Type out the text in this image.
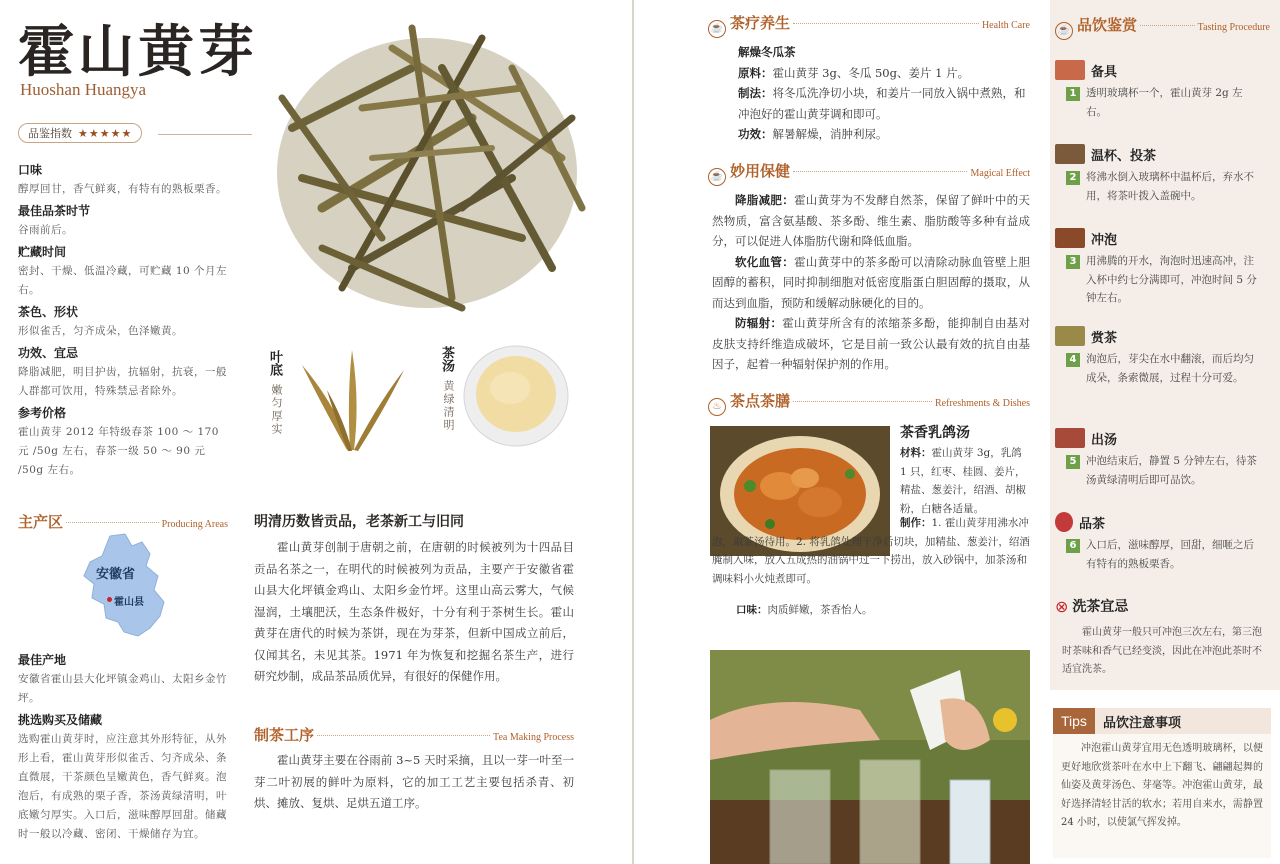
霍山黄芽
Huoshan Huangya
品鉴指数 ★★★★★
口味
醇厚回甘，香气鲜爽，有特有的熟板栗香。
最佳品茶时节
谷雨前后。
贮藏时间
密封、干燥、低温冷藏，可贮藏 10 个月左右。
茶色、形状
形似雀舌，匀齐成朵，色泽嫩黄。
功效、宜忌
降脂减肥，明目护齿，抗辐射，抗衰，一般人群都可饮用，特殊禁忌者除外。
参考价格
霍山黄芽 2012 年特级春茶 100 ～ 170 元 /50g 左右，春茶一级 50 ～ 90 元 /50g 左右。
叶底
嫩匀厚实
茶汤
黄绿清明
主产区	Producing Areas
安徽省
霍山县
最佳产地
安徽省霍山县大化坪镇金鸡山、太阳乡金竹坪。
挑选购买及储藏
选购霍山黄芽时，应注意其外形特征，从外形上看，霍山黄芽形似雀舌、匀齐成朵、条直微展，干茶颜色呈嫩黄色，香气鲜爽。泡泡后，有成熟的栗子香，茶汤黄绿清明，叶底嫩匀厚实。入口后，滋味醇厚回甜。储藏时一般以冷藏、密闭、干燥储存为宜。
明清历数皆贡品，老茶新工与旧同
霍山黄芽创制于唐朝之前，在唐朝的时候被列为十四品目贡品名茶之一，在明代的时候被列为贡品，主要产于安徽省霍山县大化坪镇金鸡山、太阳乡金竹坪。这里山高云雾大，气候湿润，土壤肥沃，生态条件极好，十分有利于茶树生长。霍山黄芽在唐代的时候为茶饼，现在为芽茶，但新中国成立前后，仅闻其名，未见其茶。1971 年为恢复和挖掘名茶生产，进行研究炒制，成品茶品质优异，有很好的保健作用。
制茶工序	Tea Making Process
霍山黄芽主要在谷雨前 3~5 天时采摘，且以一芽一叶至一芽二叶初展的鲜叶为原料，它的加工工艺主要包括杀青、初烘、摊放、复烘、足烘五道工序。
☕ 茶疗养生	Health Care
解燥冬瓜茶
原料：霍山黄芽 3g、冬瓜 50g、姜片 1 片。
制法：将冬瓜洗净切小块，和姜片一同放入锅中煮熟，和冲泡好的霍山黄芽调和即可。
功效：解暑解燥，消肿利尿。
☕ 妙用保健	Magical Effect
降脂减肥：霍山黄芽为不发酵自然茶，保留了鲜叶中的天然物质，富含氨基酸、茶多酚、维生素、脂肪酸等多种有益成分，可以促进人体脂肪代谢和降低血脂。
软化血管：霍山黄芽中的茶多酚可以清除动脉血管壁上胆固醇的蓄积，同时抑制细胞对低密度脂蛋白胆固醇的摄取，从而达到血脂，预防和缓解动脉硬化的目的。
防辐射：霍山黄芽所含有的浓缩茶多酚，能抑制自由基对皮肤支持纤维造成破坏，它是目前一致公认最有效的抗自由基因子，起着一种辐射保护剂的作用。
♨ 茶点茶膳	Refreshments & Dishes
茶香乳鸽汤
材料：霍山黄芽 3g，乳鸽 1 只，红枣、桂圆、姜片，精盐、葱姜汁，绍酒、胡椒粉，白糖各适量。
制作：1. 霍山黄芽用沸水冲泡，取茶汤待用。2. 将乳鸽处理干净后切块，加精盐、葱姜汁，绍酒腌制入味，放入五成热的油锅中过一下捞出，放入砂锅中，加茶汤和调味料小火炖煮即可。
口味：肉质鲜嫩，茶香怡人。
☕ 品饮鉴赏	Tasting Procedure
备具
1 透明玻璃杯一个，霍山黄芽 2g 左右。
温杯、投茶
2 将沸水倒入玻璃杯中温杯后，弃水不用，将茶叶拨入盖碗中。
冲泡
3 用沸腾的开水，洵泡时迅速高冲，注入杯中约七分满即可，冲泡时间 5 分钟左右。
赏茶
4 洵泡后，芽尖在水中翻滚，而后均匀成朵，条索微展，过程十分可爱。
出汤
5 冲泡结束后，静置 5 分钟左右，待茶汤黄绿清明后即可品饮。
品茶
6 入口后，滋味醇厚，回甜，细咂之后有特有的熟板栗香。
⊗ 洗茶宜忌
霍山黄芽一般只可冲泡三次左右，第三泡时茶味和香气已经变淡，因此在冲泡此茶时不适宜洗茶。
Tips	品饮注意事项
冲泡霍山黄芽宜用无色透明玻璃杯，以便更好地欣赏茶叶在水中上下翻飞、翩翩起舞的仙姿及黄芽汤色、芽毫等。冲泡霍山黄芽，最好选择清轻甘活的软水；若用自来水，需静置 24 小时，以使氯气挥发掉。
